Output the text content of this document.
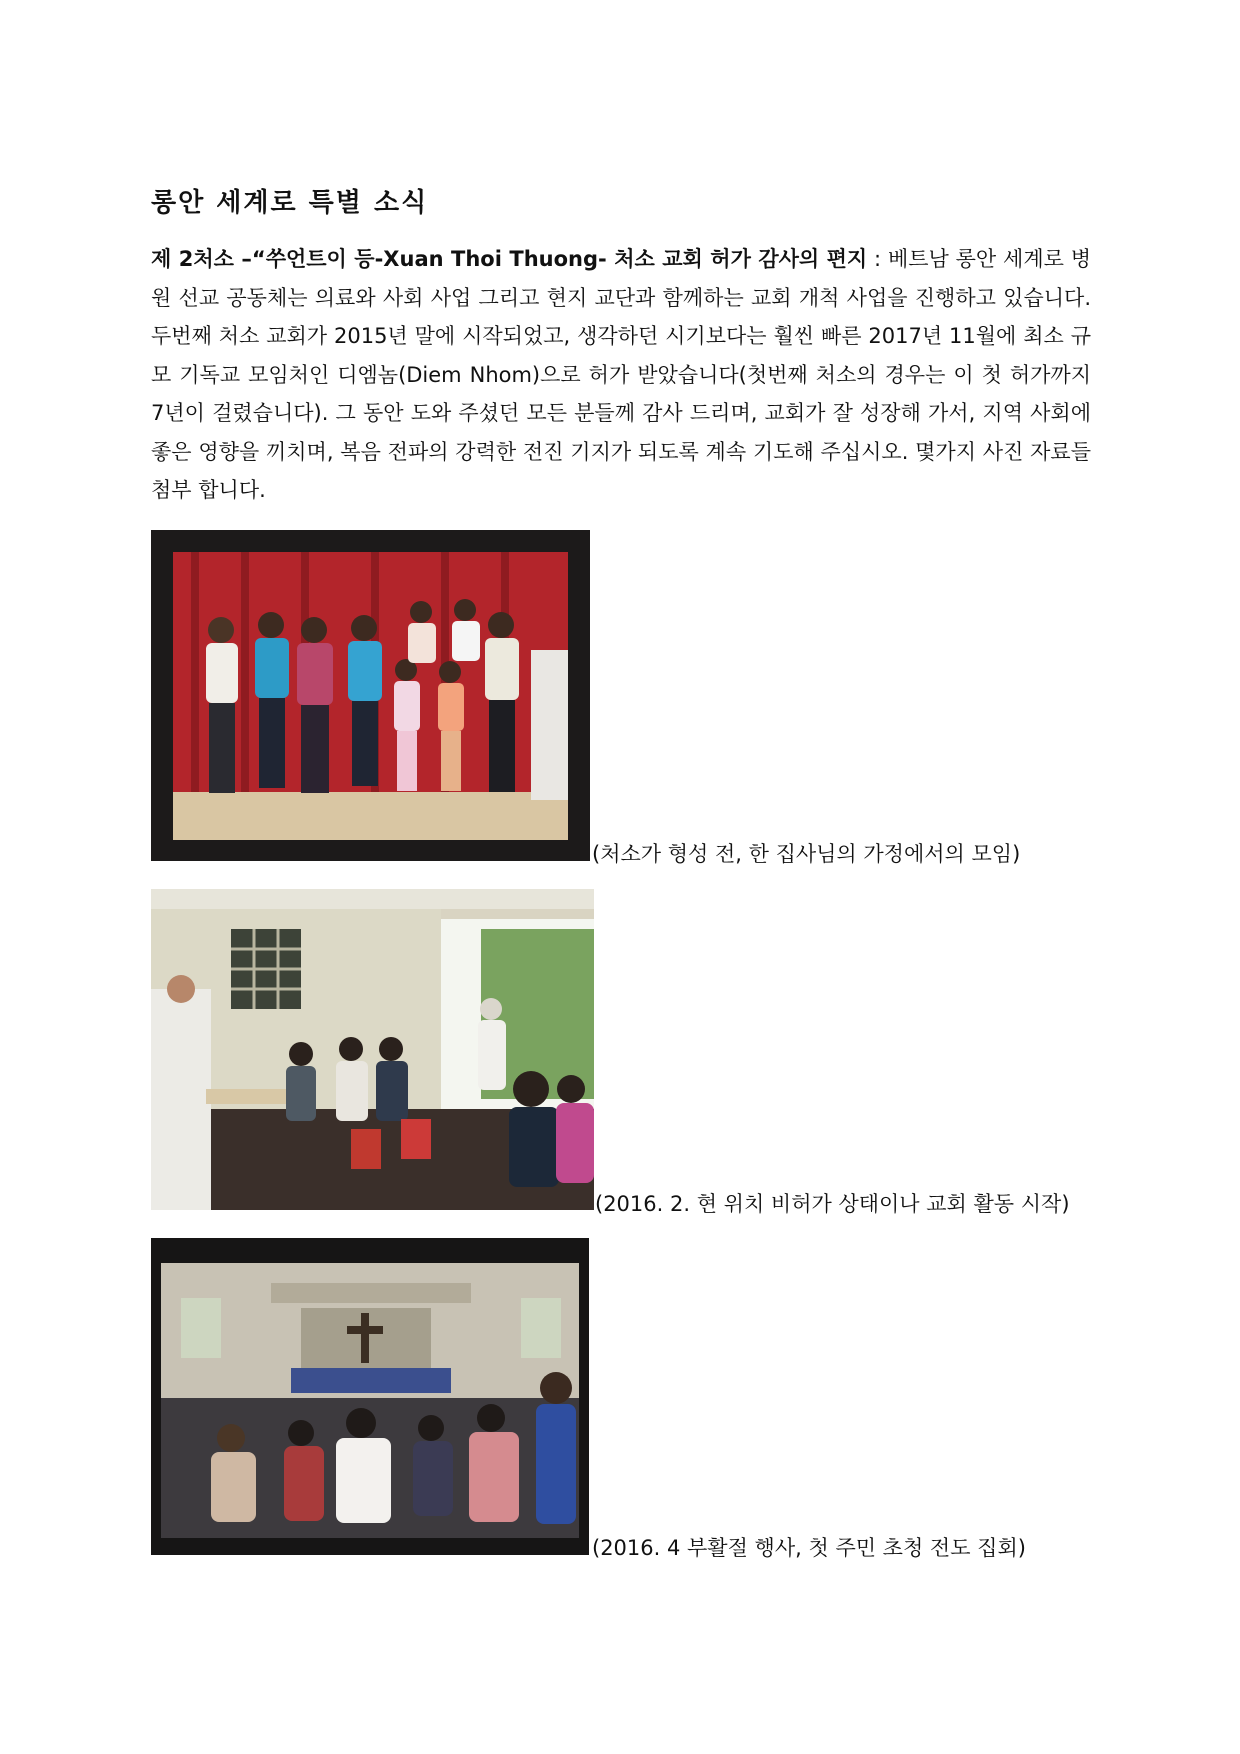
롱안 세계로 특별 소식

제 2처소 –“쑤언트이 등-Xuan Thoi Thuong- 처소 교회 허가 감사의 편지 : 베트남 롱안 세계로 병원 선교 공동체는 의료와 사회 사업 그리고 현지 교단과 함께하는 교회 개척 사업을 진행하고 있습니다. 두번째 처소 교회가 2015년 말에 시작되었고, 생각하던 시기보다는 훨씬 빠른 2017년 11월에 최소 규모 기독교 모임처인 디엠놈(Diem Nhom)으로 허가 받았습니다(첫번째 처소의 경우는 이 첫 허가까지 7년이 걸렸습니다). 그 동안 도와 주셨던 모든 분들께 감사 드리며, 교회가 잘 성장해 가서, 지역 사회에 좋은 영향을 끼치며, 복음 전파의 강력한 전진 기지가 되도록 계속 기도해 주십시오. 몇가지 사진 자료들 첨부 합니다.

(처소가 형성 전, 한 집사님의 가정에서의 모임)

(2016. 2. 현 위치 비허가 상태이나 교회 활동 시작)

(2016. 4 부활절 행사, 첫 주민 초청 전도 집회)
